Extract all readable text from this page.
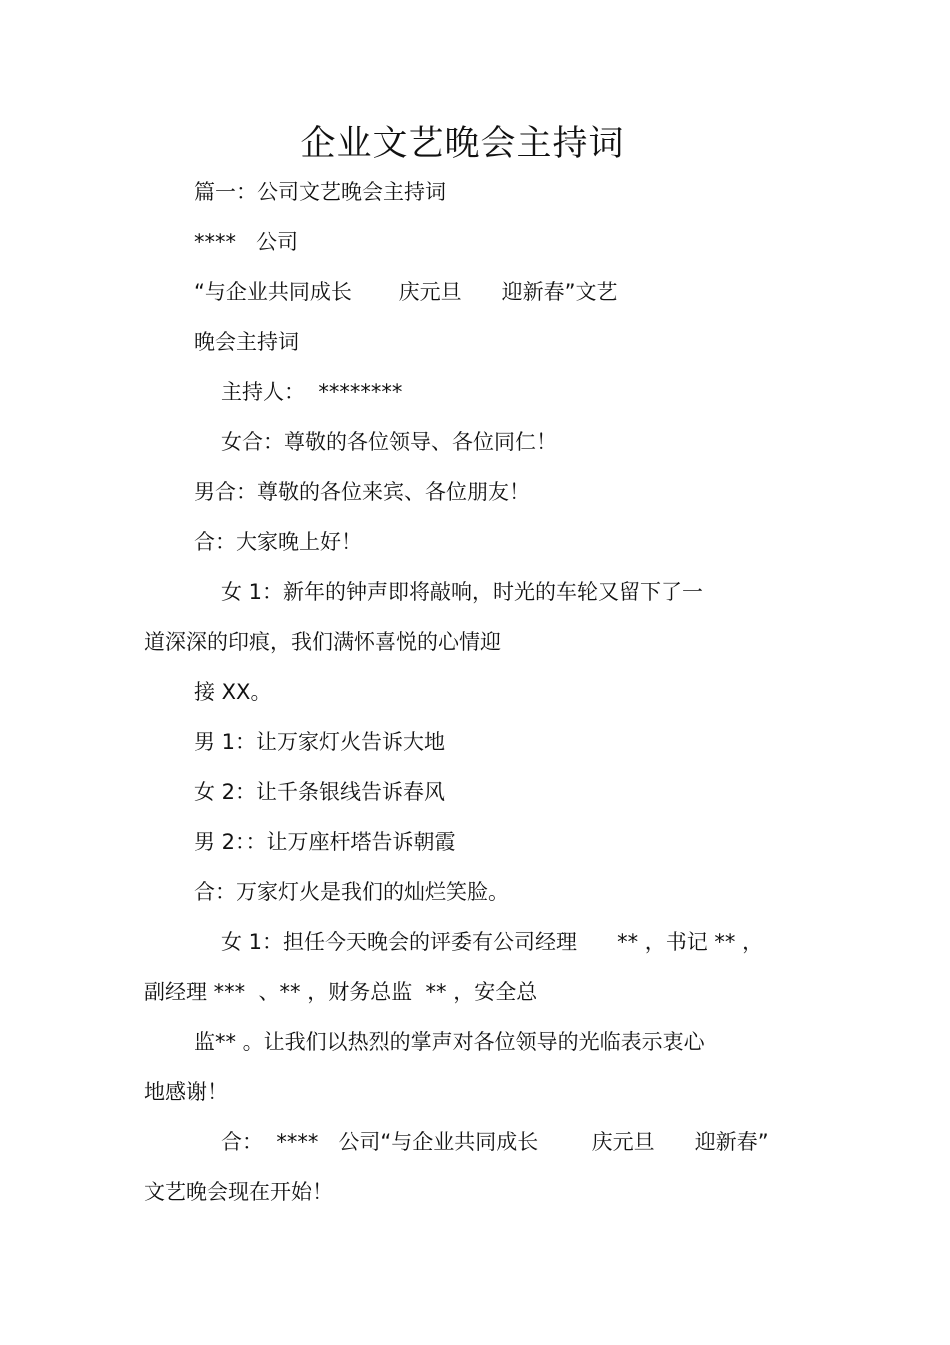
企业文艺晚会主持词
篇一：公司文艺晚会主持词
****   公司
“与企业共同成长       庆元旦      迎新春”文艺
晚会主持词
主持人：  ********
女合：尊敬的各位领导、各位同仁！
男合：尊敬的各位来宾、各位朋友！
合：大家晚上好！
女 1：新年的钟声即将敲响，时光的车轮又留下了一
道深深的印痕，我们满怀喜悦的心情迎
接 XX。
男 1：让万家灯火告诉大地
女 2：让千条银线告诉春风
男 2：：让万座杆塔告诉朝霞
合：万家灯火是我们的灿烂笑脸。
女 1：担任今天晚会的评委有公司经理      ** ，书记 ** ，
副经理 ***  、** ，财务总监  ** ，安全总
监** 。让我们以热烈的掌声对各位领导的光临表示衷心
地感谢！
合：  ****   公司“与企业共同成长        庆元旦      迎新春”
文艺晚会现在开始！
